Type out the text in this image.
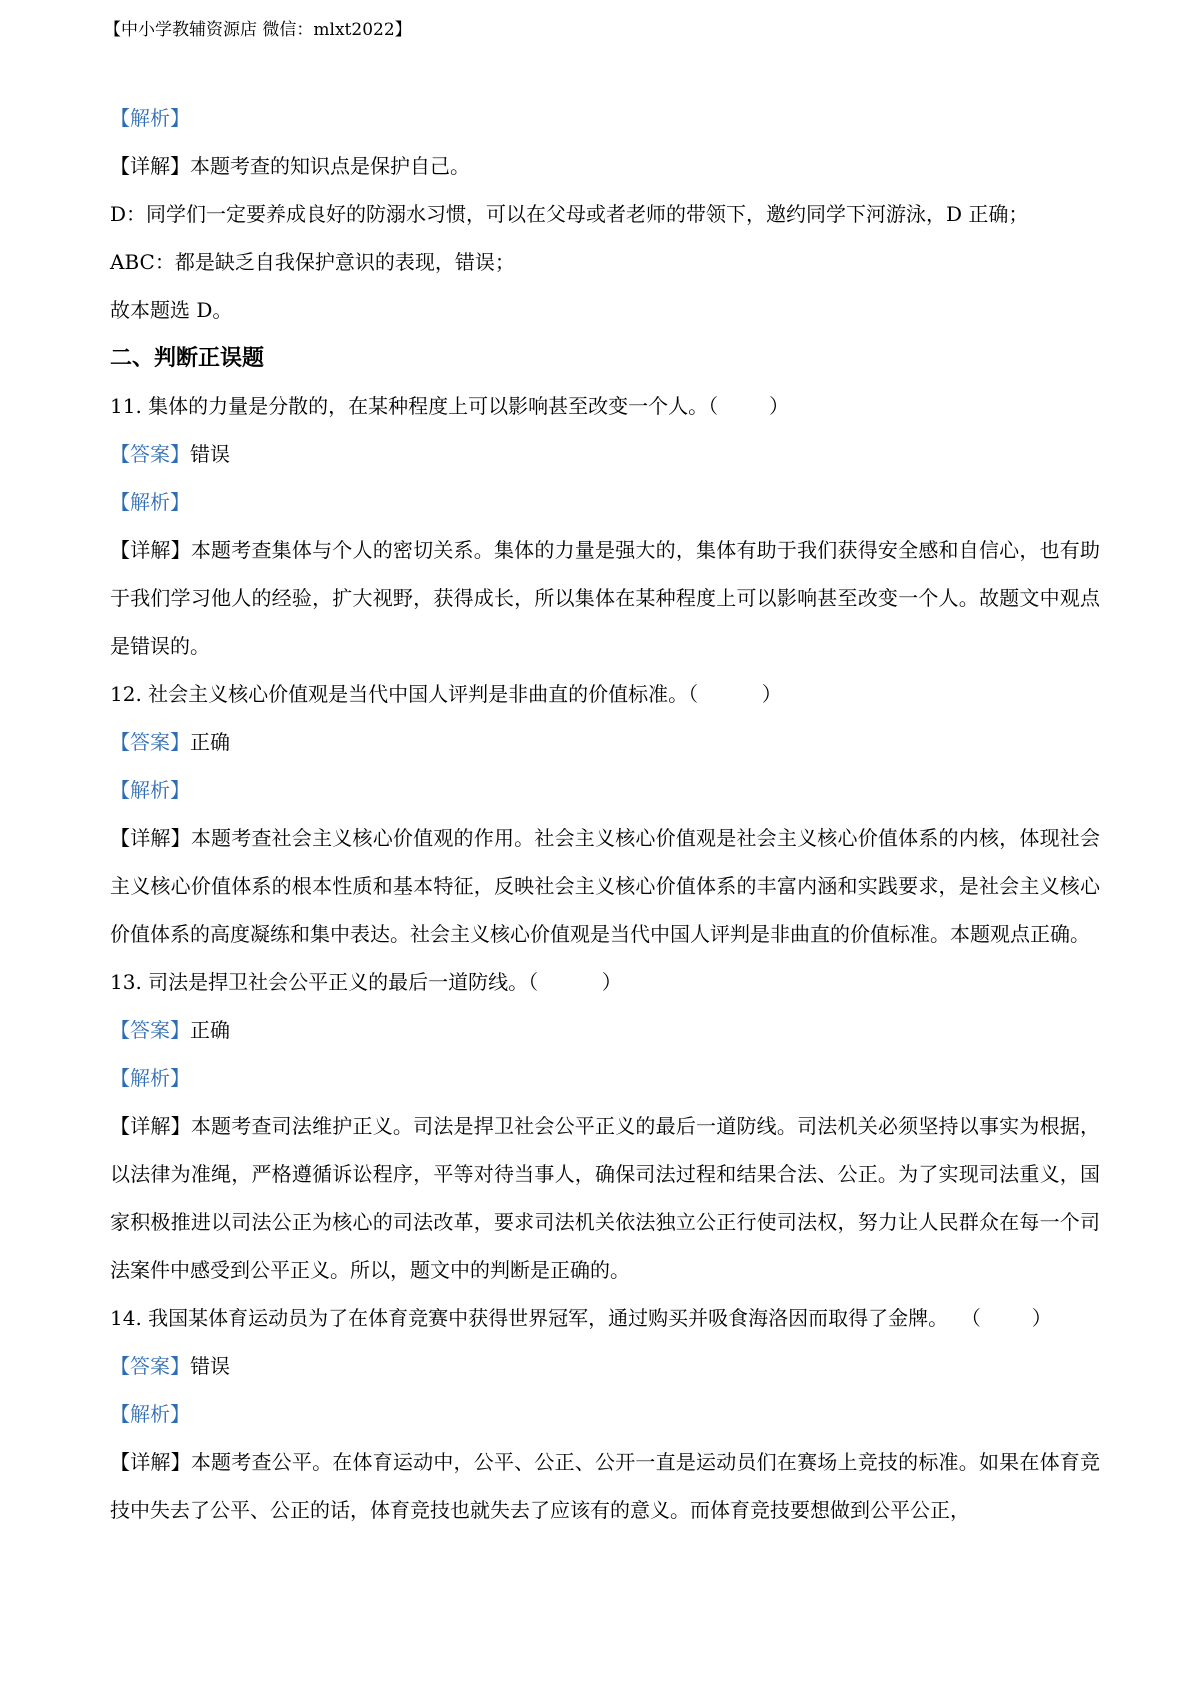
【中小学教辅资源店 微信：mlxt2022】
【解析】
【详解】本题考查的知识点是保护自己。
D：同学们一定要养成良好的防溺水习惯，可以在父母或者老师的带领下，邀约同学下河游泳，D 正确；
ABC：都是缺乏自我保护意识的表现，错误；
故本题选 D。
二、判断正误题
11. 集体的力量是分散的，在某种程度上可以影响甚至改变一个人。（        ）
【答案】错误
【解析】
【详解】本题考查集体与个人的密切关系。集体的力量是强大的，集体有助于我们获得安全感和自信心，也有助于我们学习他人的经验，扩大视野，获得成长，所以集体在某种程度上可以影响甚至改变一个人。故题文中观点是错误的。
12. 社会主义核心价值观是当代中国人评判是非曲直的价值标准。（          ）
【答案】正确
【解析】
【详解】本题考查社会主义核心价值观的作用。社会主义核心价值观是社会主义核心价值体系的内核，体现社会主义核心价值体系的根本性质和基本特征，反映社会主义核心价值体系的丰富内涵和实践要求，是社会主义核心价值体系的高度凝练和集中表达。社会主义核心价值观是当代中国人评判是非曲直的价值标准。本题观点正确。
13. 司法是捍卫社会公平正义的最后一道防线。（          ）
【答案】正确
【解析】
【详解】本题考查司法维护正义。司法是捍卫社会公平正义的最后一道防线。司法机关必须坚持以事实为根据，以法律为准绳，严格遵循诉讼程序，平等对待当事人，确保司法过程和结果合法、公正。为了实现司法重义，国家积极推进以司法公正为核心的司法改革，要求司法机关依法独立公正行使司法权，努力让人民群众在每一个司法案件中感受到公平正义。所以，题文中的判断是正确的。
14. 我国某体育运动员为了在体育竞赛中获得世界冠军，通过购买并吸食海洛因而取得了金牌。  （        ）
【答案】错误
【解析】
【详解】本题考查公平。在体育运动中，公平、公正、公开一直是运动员们在赛场上竞技的标准。如果在体育竞技中失去了公平、公正的话，体育竞技也就失去了应该有的意义。而体育竞技要想做到公平公正，
